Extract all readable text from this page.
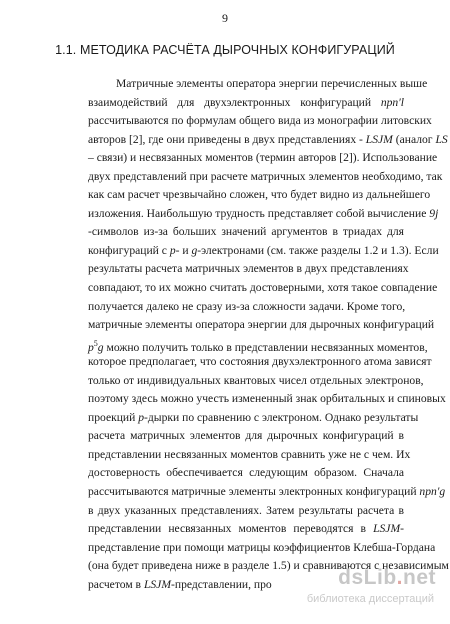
9
1.1. МЕТОДИКА РАСЧЁТА ДЫРОЧНЫХ КОНФИГУРАЦИЙ
Матричные элементы оператора энергии перечисленных выше
взаимодействий для двухэлектронных конфигураций npn′l
рассчитываются по формулам общего вида из монографии литовских
авторов [2], где они приведены в двух представлениях - LSJM (аналог LS
– связи) и несвязанных моментов (термин авторов [2]). Использование
двух представлений при расчете матричных элементов необходимо, так
как сам расчет чрезвычайно сложен, что будет видно из дальнейшего
изложения. Наибольшую трудность представляет собой вычисление 9j
-символов из-за больших значений аргументов в триадах для
конфигураций с p- и g-электронами (см. также разделы 1.2 и 1.3). Если
результаты расчета матричных элементов в двух представлениях
совпадают, то их можно считать достоверными, хотя такое совпадение
получается далеко не сразу из-за сложности задачи. Кроме того,
матричные элементы оператора энергии для дырочных конфигураций
$p^5g$ можно получить только в представлении несвязанных моментов,
которое предполагает, что состояния двухэлектронного атома зависят
только от индивидуальных квантовых чисел отдельных электронов,
поэтому здесь можно учесть измененный знак орбитальных и спиновых
проекций p-дырки по сравнению с электроном. Однако результаты
расчета матричных элементов для дырочных конфигураций в
представлении несвязанных моментов сравнить уже не с чем. Их
достоверность обеспечивается следующим образом. Сначала
рассчитываются матричные элементы электронных конфигураций npn′g
в двух указанных представлениях. Затем результаты расчета в
представлении несвязанных моментов переводятся в LSJM-
представление при помощи матрицы коэффициентов Клебша-Гордана
(она будет приведена ниже в разделе 1.5) и сравниваются с независимым
расчетом в LSJM-представлении, про	dsLib.net
библиотека диссертаций
